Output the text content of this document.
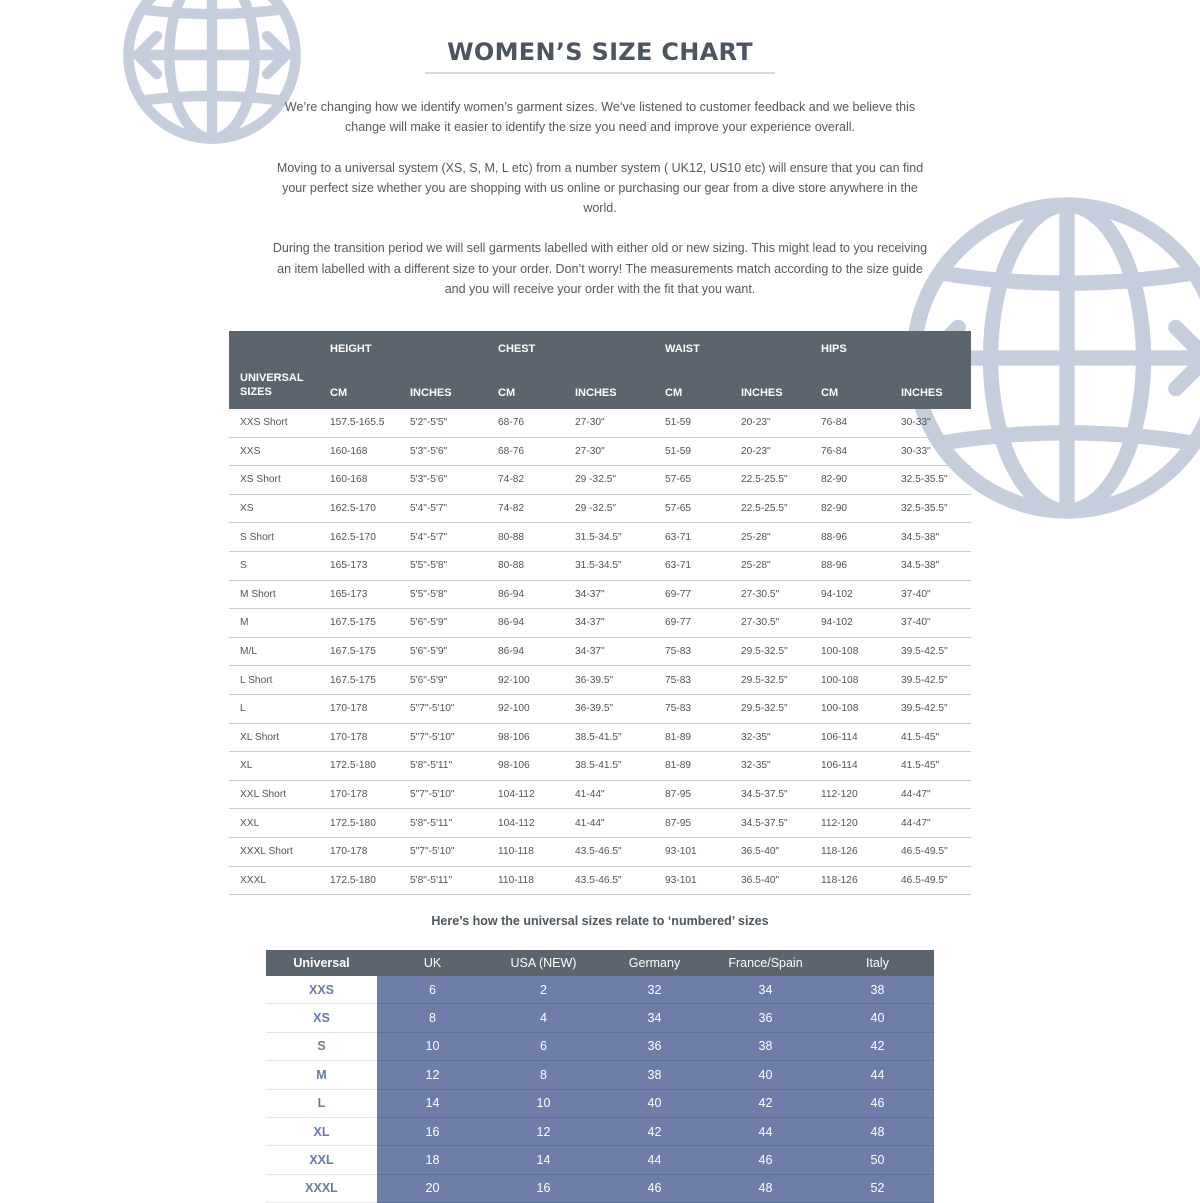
WOMEN’S SIZE CHART

We’re changing how we identify women’s garment sizes. We’ve listened to customer feedback and we believe this change will make it easier to identify the size you need and improve your experience overall.

Moving to a universal system (XS, S, M, L etc) from a number system ( UK12, US10 etc) will ensure that you can find your perfect size whether you are shopping with us online or purchasing our gear from a dive store anywhere in the world.

During the transition period we will sell garments labelled with either old or new sizing. This might lead to you receiving an item labelled with a different size to your order. Don’t worry! The measurements match according to the size guide and you will receive your order with the fit that you want.

UNIVERSAL SIZES	HEIGHT		CHEST		WAIST		HIPS	
	CM	INCHES	CM	INCHES	CM	INCHES	CM	INCHES
XXS Short	157.5-165.5	5'2"-5'5"	68-76	27-30"	51-59	20-23"	76-84	30-33"
XXS	160-168	5'3"-5'6"	68-76	27-30"	51-59	20-23"	76-84	30-33"
XS Short	160-168	5'3"-5'6"	74-82	29 -32.5"	57-65	22.5-25.5"	82-90	32.5-35.5"
XS	162.5-170	5'4"-5'7"	74-82	29 -32.5"	57-65	22.5-25.5"	82-90	32.5-35.5"
S Short	162.5-170	5'4"-5'7"	80-88	31.5-34.5"	63-71	25-28"	88-96	34.5-38"
S	165-173	5'5"-5'8"	80-88	31.5-34.5"	63-71	25-28"	88-96	34.5-38"
M Short	165-173	5'5"-5'8"	86-94	34-37"	69-77	27-30.5"	94-102	37-40"
M	167.5-175	5'6"-5'9"	86-94	34-37"	69-77	27-30.5"	94-102	37-40"
M/L	167.5-175	5'6"-5'9"	86-94	34-37"	75-83	29.5-32.5"	100-108	39.5-42.5"
L Short	167.5-175	5'6"-5'9"	92-100	36-39.5"	75-83	29.5-32.5"	100-108	39.5-42.5"
L	170-178	5"7"-5'10"	92-100	36-39.5"	75-83	29.5-32.5"	100-108	39.5-42.5"
XL Short	170-178	5"7"-5'10"	98-106	38.5-41.5"	81-89	32-35"	106-114	41.5-45"
XL	172.5-180	5'8"-5'11"	98-106	38.5-41.5"	81-89	32-35"	106-114	41.5-45"
XXL Short	170-178	5"7"-5'10"	104-112	41-44"	87-95	34.5-37.5"	112-120	44-47"
XXL	172.5-180	5'8"-5'11"	104-112	41-44"	87-95	34.5-37.5"	112-120	44-47"
XXXL Short	170-178	5"7"-5'10"	110-118	43.5-46.5"	93-101	36.5-40"	118-126	46.5-49.5"
XXXL	172.5-180	5'8"-5'11"	110-118	43.5-46.5"	93-101	36.5-40"	118-126	46.5-49.5"
Here’s how the universal sizes relate to ‘numbered’ sizes
Universal	UK	USA (NEW)	Germany	France/Spain	Italy
XXS	6	2	32	34	38
XS	8	4	34	36	40
S	10	6	36	38	42
M	12	8	38	40	44
L	14	10	40	42	46
XL	16	12	42	44	48
XXL	18	14	44	46	50
XXXL	20	16	46	48	52
